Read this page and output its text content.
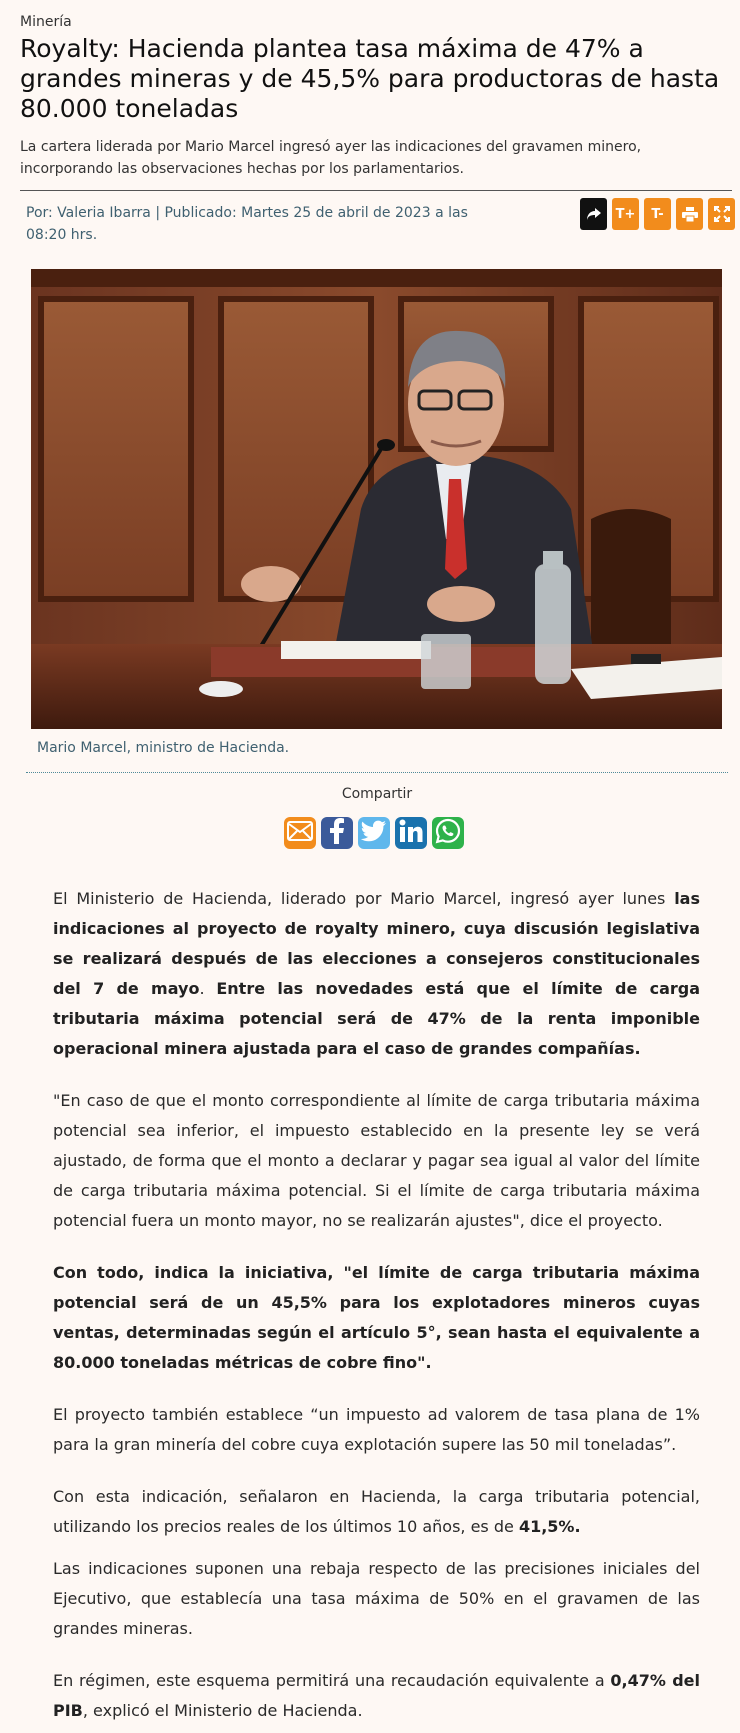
Minería
Royalty: Hacienda plantea tasa máxima de 47% a grandes mineras y de 45,5% para productoras de hasta 80.000 toneladas
La cartera liderada por Mario Marcel ingresó ayer las indicaciones del gravamen minero, incorporando las observaciones hechas por los parlamentarios.
Por: Valeria Ibarra | Publicado: Martes 25 de abril de 2023 a las 08:20 hrs.
T+	T-
Mario Marcel, ministro de Hacienda.
Compartir

El Ministerio de Hacienda, liderado por Mario Marcel, ingresó ayer lunes las indicaciones al proyecto de royalty minero, cuya discusión legislativa se realizará después de las elecciones a consejeros constitucionales del 7 de mayo. Entre las novedades está que el límite de carga tributaria máxima potencial será de 47% de la renta imponible operacional minera ajustada para el caso de grandes compañías.

"En caso de que el monto correspondiente al límite de carga tributaria máxima potencial sea inferior, el impuesto establecido en la presente ley se verá ajustado, de forma que el monto a declarar y pagar sea igual al valor del límite de carga tributaria máxima potencial. Si el límite de carga tributaria máxima potencial fuera un monto mayor, no se realizarán ajustes", dice el proyecto.

Con todo, indica la iniciativa, "el límite de carga tributaria máxima potencial será de un 45,5% para los explotadores mineros cuyas ventas, determinadas según el artículo 5°, sean hasta el equivalente a 80.000 toneladas métricas de cobre fino".

El proyecto también establece “un impuesto ad valorem de tasa plana de 1% para la gran minería del cobre cuya explotación supere las 50 mil toneladas”.

Con esta indicación, señalaron en Hacienda, la carga tributaria potencial, utilizando los precios reales de los últimos 10 años, es de 41,5%.

Las indicaciones suponen una rebaja respecto de las precisiones iniciales del Ejecutivo, que establecía una tasa máxima de 50% en el gravamen de las grandes mineras.

En régimen, este esquema permitirá una recaudación equivalente a 0,47% del PIB, explicó el Ministerio de Hacienda.
